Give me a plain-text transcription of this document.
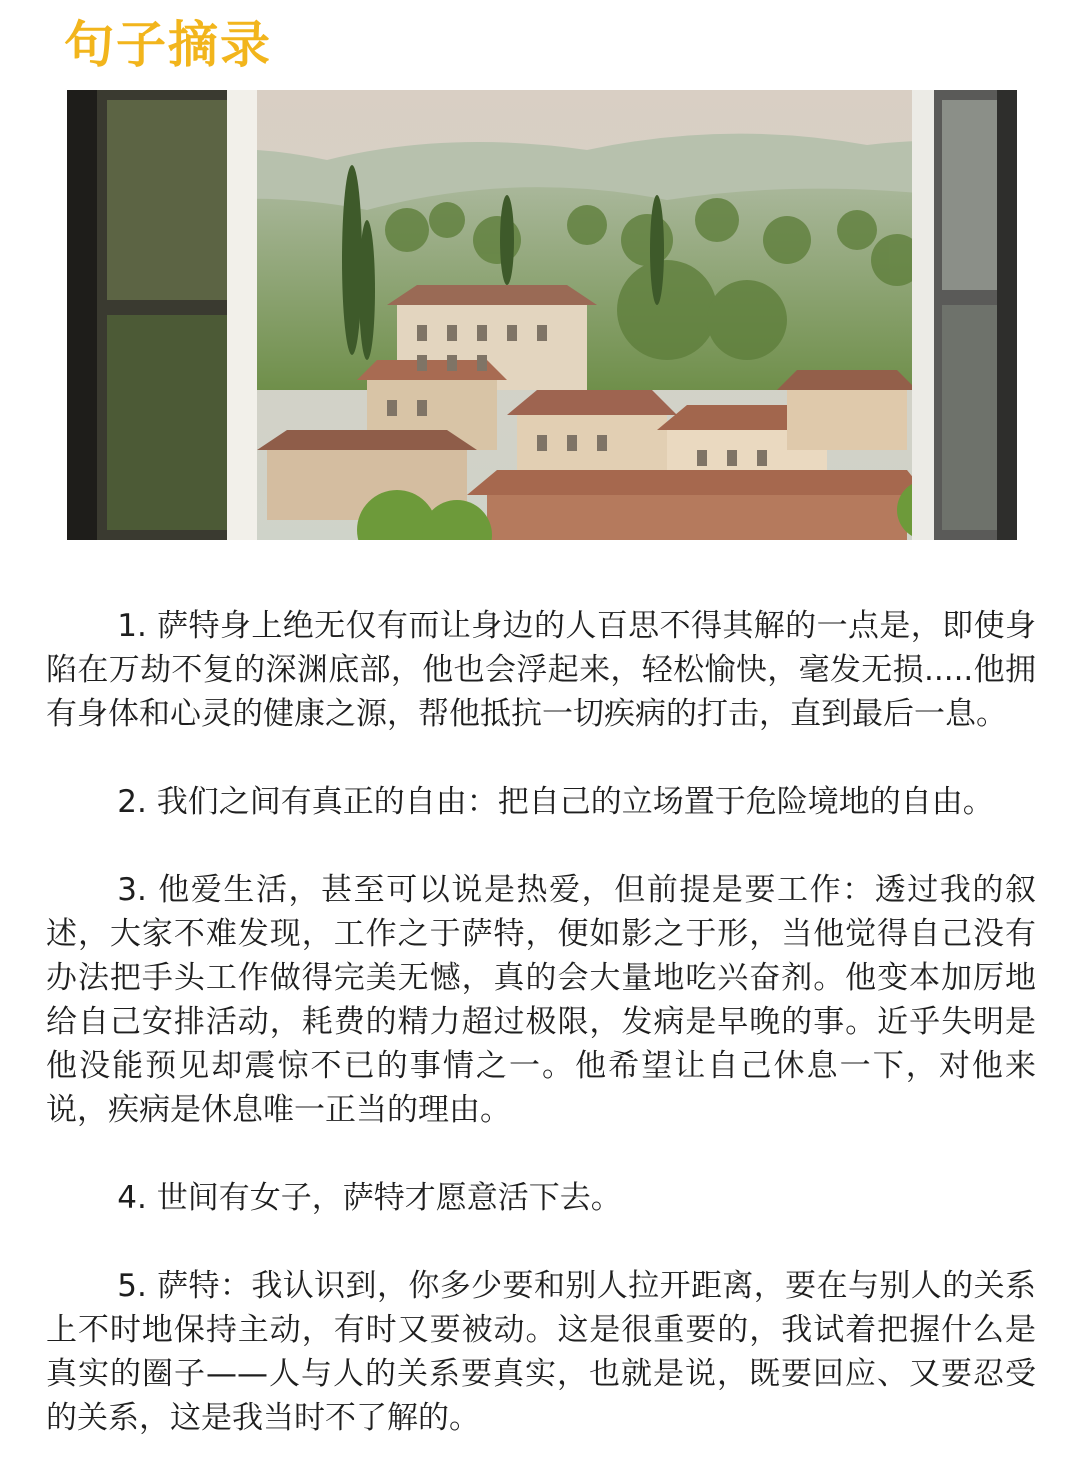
句子摘录

1. 萨特身上绝无仅有而让身边的人百思不得其解的一点是，即使身陷在万劫不复的深渊底部，他也会浮起来，轻松愉快，毫发无损.....他拥有身体和心灵的健康之源，帮他抵抗一切疾病的打击，直到最后一息。

2. 我们之间有真正的自由：把自己的立场置于危险境地的自由。

3. 他爱生活，甚至可以说是热爱，但前提是要工作：透过我的叙述，大家不难发现，工作之于萨特，便如影之于形，当他觉得自己没有办法把手头工作做得完美无憾，真的会大量地吃兴奋剂。他变本加厉地给自己安排活动，耗费的精力超过极限，发病是早晚的事。近乎失明是他没能预见却震惊不已的事情之一。他希望让自己休息一下，对他来说，疾病是休息唯一正当的理由。

4. 世间有女子，萨特才愿意活下去。

5. 萨特：我认识到，你多少要和别人拉开距离，要在与别人的关系上不时地保持主动，有时又要被动。这是很重要的，我试着把握什么是真实的圈子——人与人的关系要真实，也就是说，既要回应、又要忍受的关系，这是我当时不了解的。
